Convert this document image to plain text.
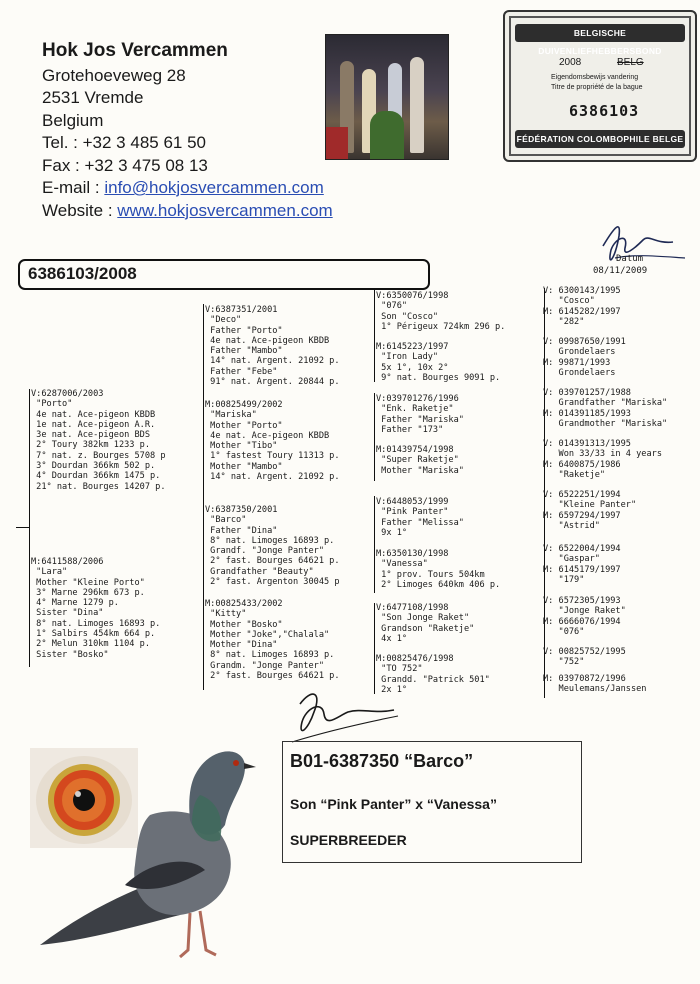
Hok Jos Vercammen
Grotehoeveweg 28
2531 Vremde
Belgium
Tel. : +32 3 485 61 50
Fax : +32 3 475 08 13
E-mail : info@hokjosvercammen.com
Website : www.hokjosvercammen.com
BELGISCHE DUIVENLIEFHEBBERSBOND
2008	BELG
Eigendomsbewijs vandering
Titre de propriété de la bague
6386103
FÉDÉRATION COLOMBOPHILE BELGE
Datum
08/11/2009
6386103/2008
V:6287006/2003
"Porto"
4e nat. Ace-pigeon KBDB
1e nat. Ace-pigeon A.R.
3e nat. Ace-pigeon BDS
2° Toury 382km 1233 p.
7° nat. z. Bourges 5708 p
3° Dourdan 366km 502 p.
4° Dourdan 366km 1475 p.
21° nat. Bourges 14207 p.
M:6411588/2006
"Lara"
Mother "Kleine Porto"
3° Marne 296km 673 p.
4° Marne 1279 p.
Sister "Dina"
8° nat. Limoges 16893 p.
1° Salbirs 454km 664 p.
2° Melun 310km 1104 p.
Sister "Bosko"
V:6387351/2001
"Deco"
Father "Porto"
4e nat. Ace-pigeon KBDB
Father "Mambo"
14° nat. Argent. 21092 p.
Father "Febe"
91° nat. Argent. 20844 p.
M:00825499/2002
"Mariska"
Mother "Porto"
4e nat. Ace-pigeon KBDB
Mother "Tibo"
1° fastest Toury 11313 p.
Mother "Mambo"
14° nat. Argent. 21092 p.
V:6387350/2001
"Barco"
Father "Dina"
8° nat. Limoges 16893 p.
Grandf. "Jonge Panter"
2° fast. Bourges 64621 p.
Grandfather "Beauty"
2° fast. Argenton 30045 p
M:00825433/2002
"Kitty"
Mother "Bosko"
Mother "Joke","Chalala"
Mother "Dina"
8° nat. Limoges 16893 p.
Grandm. "Jonge Panter"
2° fast. Bourges 64621 p.
V:6350076/1998
"076"
Son "Cosco"
1° Périgeux 724km 296 p.
M:6145223/1997
"Iron Lady"
5x 1°, 10x 2°
9° nat. Bourges 9091 p.
V:039701276/1996
"Enk. Raketje"
Father "Mariska"
Father "173"
M:01439754/1998
"Super Raketje"
Mother "Mariska"
V:6448053/1999
"Pink Panter"
Father "Melissa"
9x 1°
M:6350130/1998
"Vanessa"
1° prov. Tours 504km
2° Limoges 640km 406 p.
V:6477108/1998
"Son Jonge Raket"
Grandson "Raketje"
4x 1°
M:00825476/1998
"TO 752"
Grandd. "Patrick 501"
2x 1°
V: 6300143/1995
"Cosco"
M: 6145282/1997
"282"
V: 09987650/1991
Grondelaers
M: 99871/1993
Grondelaers
V: 039701257/1988
Grandfather "Mariska"
M: 014391185/1993
Grandmother "Mariska"
V: 014391313/1995
Won 33/33 in 4 years
M: 6400875/1986
"Raketje"
V: 6522251/1994
"Kleine Panter"
M: 6597294/1997
"Astrid"
V: 6522004/1994
"Gaspar"
M: 6145179/1997
"179"
V: 6572305/1993
"Jonge Raket"
M: 6666076/1994
"076"
V: 00825752/1995
"752"
M: 03970872/1996
Meulemans/Janssen
B01-6387350 “Barco”
Son “Pink Panter” x “Vanessa”
SUPERBREEDER
